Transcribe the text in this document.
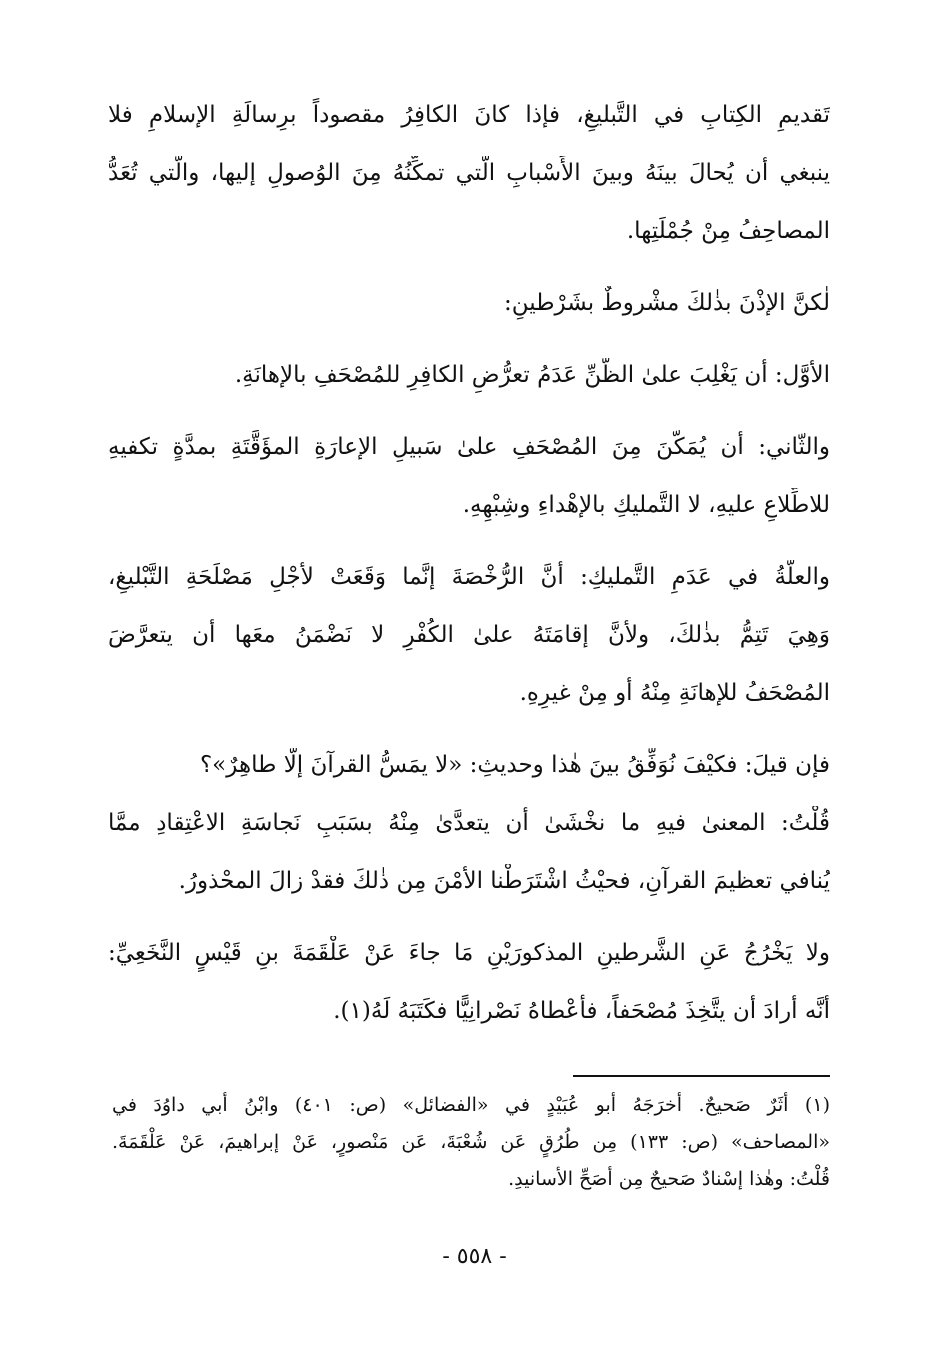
تَقديمِ الكِتابِ في التَّبليغِ، فإذا كانَ الكافِرُ مقصوداً برِسالَةِ الإسلامِ فلا
ينبغي أن يُحالَ بينَهُ وبينَ الأَسْبابِ الَّتي تمكِّنُهُ مِنَ الوُصولِ إليها، والَّتي تُعَدُّ
المصاحِفُ مِنْ جُمْلَتِها.
لٰكنَّ الإذْنَ بذٰلكَ مشْروطٌ بشَرْطينِ:
الأوَّل: أن يَغْلِبَ علىٰ الظَّنِّ عَدَمُ تعرُّضِ الكافِرِ للمُصْحَفِ بالإهانَةِ.
والثّاني: أن يُمَكَّنَ مِنَ المُصْحَفِ علىٰ سَبيلِ الإعارَةِ المؤَقَّتَةِ بمدَّةٍ تكفيهِ
للاطِّلاعِ عليهِ، لا التَّمليكِ بالإهْداءِ وشِبْهِهِ.
والعلَّةُ في عَدَمِ التَّمليكِ: أنَّ الرُّخْصَةَ إنَّما وَقَعَتْ لأجْلِ مَصْلَحَةِ التَّبْليغِ،
وَهِيَ تَتِمُّ بذٰلكَ، ولأنَّ إقامَتَهُ علىٰ الكُفْرِ لا نَضْمَنُ معَها أن يتعرَّضَ
المُصْحَفُ للإهانَةِ مِنْهُ أو مِنْ غيرِهِ.
فإن قيلَ: فكيْفَ نُوَفِّقُ بينَ هٰذا وحديثِ: «لا يمَسُّ القرآنَ إلَّا طاهِرٌ»؟
قُلْتُ: المعنىٰ فيهِ ما نخْشَىٰ أن يتعدَّىٰ مِنْهُ بسَبَبِ نَجاسَةِ الاعْتِقادِ ممَّا
يُنافي تعظيمَ القرآنِ، فحيْثُ اشْتَرَطْنا الأمْنَ مِن ذٰلكَ فقدْ زالَ المحْذورُ.
ولا يَخْرُجُ عَنِ الشَّرطينِ المذكورَيْنِ مَا جاءَ عَنْ عَلْقَمَةَ بنِ قَيْسٍ النَّخَعِيِّ:
أنَّه أرادَ أن يتَّخِذَ مُصْحَفاً، فأعْطاهُ نَصْرانِيًّا فكَتَبَهُ لَهُ(١).
(١) أثَرٌ صَحيحٌ. أخرَجَهُ أبو عُبَيْدٍ في «الفضائل» (ص: ٤٠١) وابْنُ أبي داوُدَ في
«المصاحف» (ص: ١٣٣) مِن طُرُقٍ عَن شُعْبَةَ، عَن مَنْصورٍ، عَنْ إبراهيمَ، عَنْ عَلْقَمَةَ.
قُلْتُ: وهٰذا إسْنادٌ صَحيحٌ مِن أصَحِّ الأسانيدِ.
- ٥٥٨ -
